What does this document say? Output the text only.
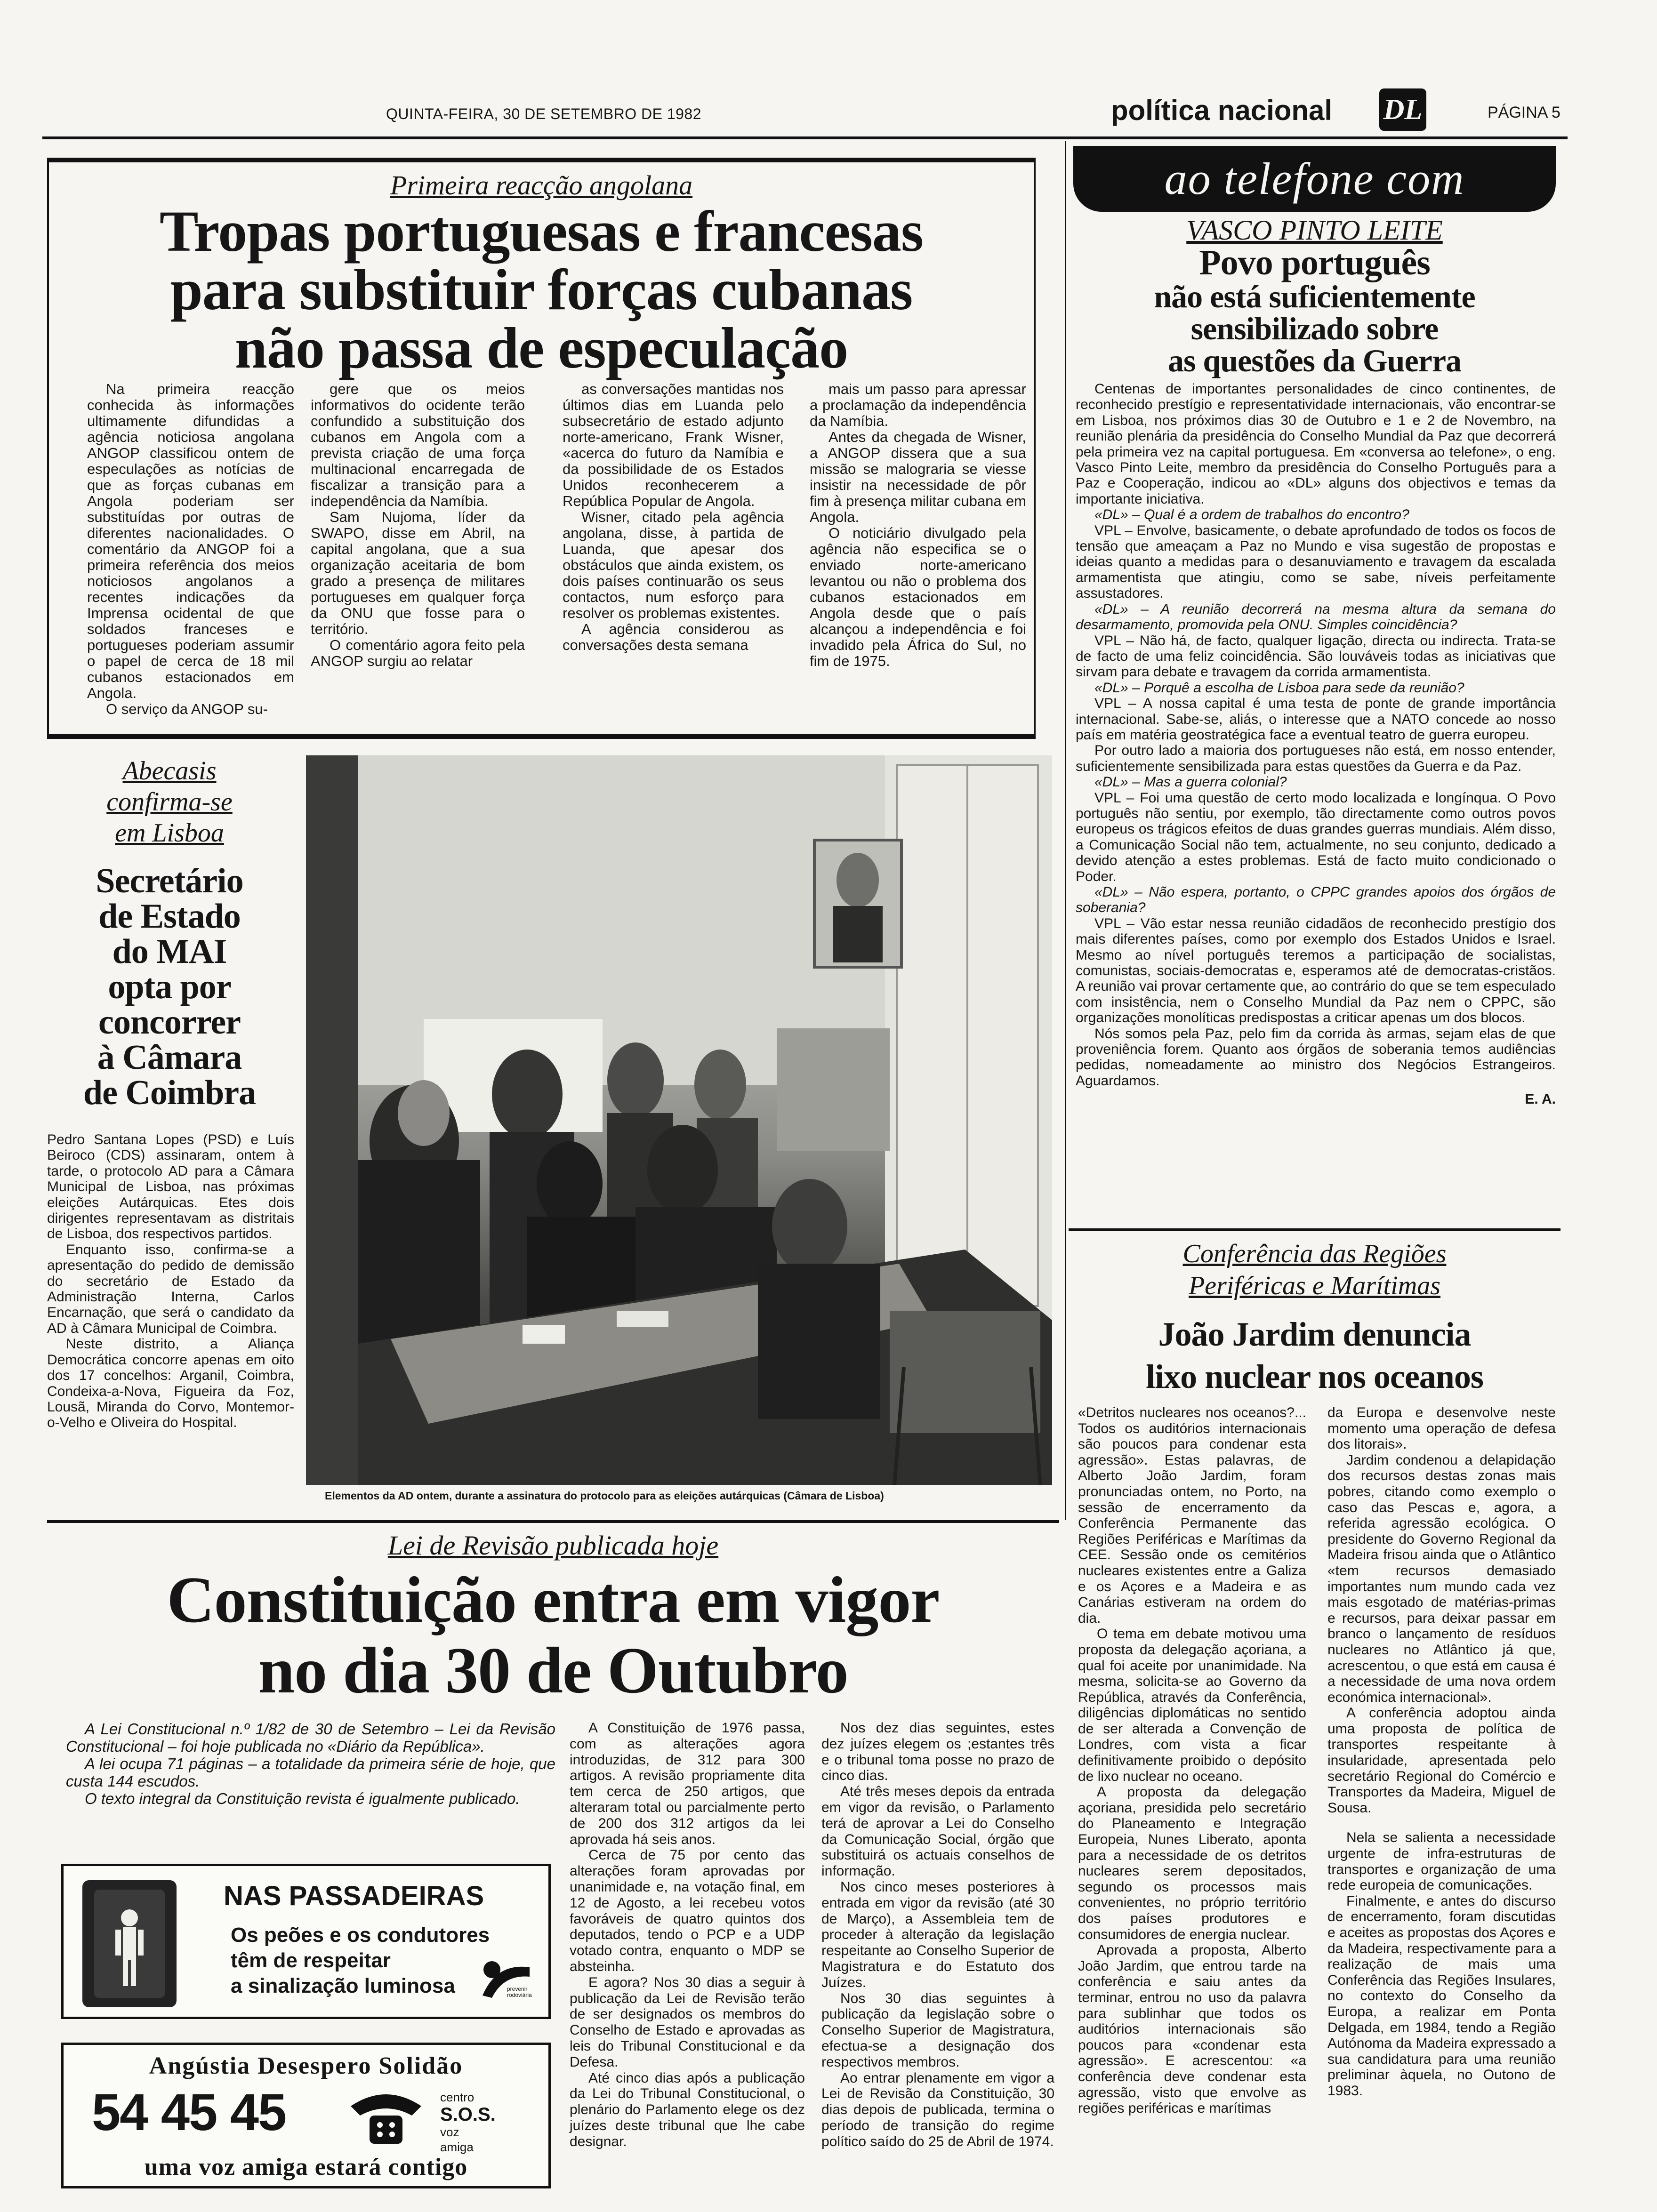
QUINTA-FEIRA, 30 DE SETEMBRO DE 1982	política nacional DL	PÁGINA 5
Primeira reacção angolana
Tropas portuguesas e francesas
para substituir forças cubanas
não passa de especulação

Na primeira reacção conhecida às informações ultimamente difundidas a agência noticiosa angolana ANGOP classificou ontem de especulações as notícias de que as forças cubanas em Angola poderiam ser substituídas por outras de diferentes nacionalidades. O comentário da ANGOP foi a primeira referência dos meios noticiosos angolanos a recentes indicações da Imprensa ocidental de que soldados franceses e portugueses poderiam assumir o papel de cerca de 18 mil cubanos estacionados em Angola.

O serviço da ANGOP su-

gere que os meios informativos do ocidente terão confundido a substituição dos cubanos em Angola com a prevista criação de uma força multinacional encarregada de fiscalizar a transição para a independência da Namíbia.

Sam Nujoma, líder da SWAPO, disse em Abril, na capital angolana, que a sua organização aceitaria de bom grado a presença de militares portugueses em qualquer força da ONU que fosse para o território.

O comentário agora feito pela ANGOP surgiu ao relatar

as conversações mantidas nos últimos dias em Luanda pelo subsecretário de estado adjunto norte-americano, Frank Wisner, «acerca do futuro da Namíbia e da possibilidade de os Estados Unidos reconhecerem a República Popular de Angola.

Wisner, citado pela agência angolana, disse, à partida de Luanda, que apesar dos obstáculos que ainda existem, os dois países continuarão os seus contactos, num esforço para resolver os problemas existentes.

A agência considerou as conversações desta semana

mais um passo para apressar a proclamação da independência da Namíbia.

Antes da chegada de Wisner, a ANGOP dissera que a sua missão se malograria se viesse insistir na necessidade de pôr fim à presença militar cubana em Angola.

O noticiário divulgado pela agência não especifica se o enviado norte-americano levantou ou não o problema dos cubanos estacionados em Angola desde que o país alcançou a independência e foi invadido pela África do Sul, no fim de 1975.

ao telefone com
VASCO PINTO LEITE
Povo português
não está suficientemente
sensibilizado sobre
as questões da Guerra

Centenas de importantes personalidades de cinco continentes, de reconhecido prestígio e representatividade internacionais, vão encontrar-se em Lisboa, nos próximos dias 30 de Outubro e 1 e 2 de Novembro, na reunião plenária da presidência do Conselho Mundial da Paz que decorrerá pela primeira vez na capital portuguesa. Em «conversa ao telefone», o eng. Vasco Pinto Leite, membro da presidência do Conselho Português para a Paz e Cooperação, indicou ao «DL» alguns dos objectivos e temas da importante iniciativa.

«DL» – Qual é a ordem de trabalhos do encontro?

VPL – Envolve, basicamente, o debate aprofundado de todos os focos de tensão que ameaçam a Paz no Mundo e visa sugestão de propostas e ideias quanto a medidas para o desanuviamento e travagem da escalada armamentista que atingiu, como se sabe, níveis perfeitamente assustadores.

«DL» – A reunião decorrerá na mesma altura da semana do desarmamento, promovida pela ONU. Simples coincidência?

VPL – Não há, de facto, qualquer ligação, directa ou indirecta. Trata-se de facto de uma feliz coincidência. São louváveis todas as iniciativas que sirvam para debate e travagem da corrida armamentista.

«DL» – Porquê a escolha de Lisboa para sede da reunião?

VPL – A nossa capital é uma testa de ponte de grande importância internacional. Sabe-se, aliás, o interesse que a NATO concede ao nosso país em matéria geostratégica face a eventual teatro de guerra europeu.

Por outro lado a maioria dos portugueses não está, em nosso entender, suficientemente sensibilizada para estas questões da Guerra e da Paz.

«DL» – Mas a guerra colonial?

VPL – Foi uma questão de certo modo localizada e longínqua. O Povo português não sentiu, por exemplo, tão directamente como outros povos europeus os trágicos efeitos de duas grandes guerras mundiais. Além disso, a Comunicação Social não tem, actualmente, no seu conjunto, dedicado a devido atenção a estes problemas. Está de facto muito condicionado o Poder.

«DL» – Não espera, portanto, o CPPC grandes apoios dos órgãos de soberania?

VPL – Vão estar nessa reunião cidadãos de reconhecido prestígio dos mais diferentes países, como por exemplo dos Estados Unidos e Israel. Mesmo ao nível português teremos a participação de socialistas, comunistas, sociais-democratas e, esperamos até de democratas-cristãos. A reunião vai provar certamente que, ao contrário do que se tem especulado com insistência, nem o Conselho Mundial da Paz nem o CPPC, são organizações monolíticas predispostas a criticar apenas um dos blocos.

Nós somos pela Paz, pelo fim da corrida às armas, sejam elas de que proveniência forem. Quanto aos órgãos de soberania temos audiências pedidas, nomeadamente ao ministro dos Negócios Estrangeiros. Aguardamos.

E. A.

Abecasis
confirma-se
em Lisboa
Secretário
de Estado
do MAI
opta por
concorrer
à Câmara
de Coimbra

Pedro Santana Lopes (PSD) e Luís Beiroco (CDS) assinaram, ontem à tarde, o protocolo AD para a Câmara Municipal de Lisboa, nas próximas eleições Autárquicas. Etes dois dirigentes representavam as distritais de Lisboa, dos respectivos partidos.

Enquanto isso, confirma-se a apresentação do pedido de demissão do secretário de Estado da Administração Interna, Carlos Encarnação, que será o candidato da AD à Câmara Municipal de Coimbra.

Neste distrito, a Aliança Democrática concorre apenas em oito dos 17 concelhos: Arganil, Coimbra, Condeixa-a-Nova, Figueira da Foz, Lousã, Miranda do Corvo, Montemor-o-Velho e Oliveira do Hospital.

Elementos da AD ontem, durante a assinatura do protocolo para as eleições autárquicas (Câmara de Lisboa)
Conferência das Regiões
Periféricas e Marítimas
João Jardim denuncia
lixo nuclear nos oceanos

«Detritos nucleares nos oceanos?... Todos os auditórios internacionais são poucos para condenar esta agressão». Estas palavras, de Alberto João Jardim, foram pronunciadas ontem, no Porto, na sessão de encerramento da Conferência Permanente das Regiões Periféricas e Marítimas da CEE. Sessão onde os cemitérios nucleares existentes entre a Galiza e os Açores e a Madeira e as Canárias estiveram na ordem do dia.

O tema em debate motivou uma proposta da delegação açoriana, a qual foi aceite por unanimidade. Na mesma, solicita-se ao Governo da República, através da Conferência, diligências diplomáticas no sentido de ser alterada a Convenção de Londres, com vista a ficar definitivamente proibido o depósito de lixo nuclear no oceano.

A proposta da delegação açoriana, presidida pelo secretário do Planeamento e Integração Europeia, Nunes Liberato, aponta para a necessidade de os detritos nucleares serem depositados, segundo os processos mais convenientes, no próprio território dos países produtores e consumidores de energia nuclear.

Aprovada a proposta, Alberto João Jardim, que entrou tarde na conferência e saiu antes da terminar, entrou no uso da palavra para sublinhar que todos os auditórios internacionais são poucos para «condenar esta agressão». E acrescentou: «a conferência deve condenar esta agressão, visto que envolve as regiões periféricas e marítimas

da Europa e desenvolve neste momento uma operação de defesa dos litorais».

Jardim condenou a delapidação dos recursos destas zonas mais pobres, citando como exemplo o caso das Pescas e, agora, a referida agressão ecológica. O presidente do Governo Regional da Madeira frisou ainda que o Atlântico «tem recursos demasiado importantes num mundo cada vez mais esgotado de matérias-primas e recursos, para deixar passar em branco o lançamento de resíduos nucleares no Atlântico já que, acrescentou, o que está em causa é a necessidade de uma nova ordem económica internacional».

A conferência adoptou ainda uma proposta de política de transportes respeitante à insularidade, apresentada pelo secretário Regional do Comércio e Transportes da Madeira, Miguel de Sousa.

Nela se salienta a necessidade urgente de infra-estruturas de transportes e organização de uma rede europeia de comunicações.

Finalmente, e antes do discurso de encerramento, foram discutidas e aceites as propostas dos Açores e da Madeira, respectivamente para a realização de mais uma Conferência das Regiões Insulares, no contexto do Conselho da Europa, a realizar em Ponta Delgada, em 1984, tendo a Região Autónoma da Madeira expressado a sua candidatura para uma reunião preliminar àquela, no Outono de 1983.

Lei de Revisão publicada hoje
Constituição entra em vigor
no dia 30 de Outubro

A Lei Constitucional n.º 1/82 de 30 de Setembro – Lei da Revisão Constitucional – foi hoje publicada no «Diário da República».

A lei ocupa 71 páginas – a totalidade da primeira série de hoje, que custa 144 escudos.

O texto integral da Constituição revista é igualmente publicado.

A Constituição de 1976 passa, com as alterações agora introduzidas, de 312 para 300 artigos. A revisão propriamente dita tem cerca de 250 artigos, que alteraram total ou parcialmente perto de 200 dos 312 artigos da lei aprovada há seis anos.

Cerca de 75 por cento das alterações foram aprovadas por unanimidade e, na votação final, em 12 de Agosto, a lei recebeu votos favoráveis de quatro quintos dos deputados, tendo o PCP e a UDP votado contra, enquanto o MDP se absteinha.

E agora? Nos 30 dias a seguir à publicação da Lei de Revisão terão de ser designados os membros do Conselho de Estado e aprovadas as leis do Tribunal Constitucional e da Defesa.

Até cinco dias após a publicação da Lei do Tribunal Constitucional, o plenário do Parlamento elege os dez juízes deste tribunal que lhe cabe designar.

Nos dez dias seguintes, estes dez juízes elegem os ;estantes três e o tribunal toma posse no prazo de cinco dias.

Até três meses depois da entrada em vigor da revisão, o Parlamento terá de aprovar a Lei do Conselho da Comunicação Social, órgão que substituirá os actuais conselhos de informação.

Nos cinco meses posteriores à entrada em vigor da revisão (até 30 de Março), a Assembleia tem de proceder à alteração da legislação respeitante ao Conselho Superior de Magistratura e do Estatuto dos Juízes.

Nos 30 dias seguintes à publicação da legislação sobre o Conselho Superior de Magistratura, efectua-se a designação dos respectivos membros.

Ao entrar plenamente em vigor a Lei de Revisão da Constituição, 30 dias depois de publicada, termina o período de transição do regime político saído do 25 de Abril de 1974.

NAS PASSADEIRAS
Os peões e os condutores
têm de respeitar
a sinalização luminosa	prevenir
rodoviária
Angústia Desespero Solidão
54 45 45	centro
S.O.S.
voz
amiga
uma voz amiga estará contigo
